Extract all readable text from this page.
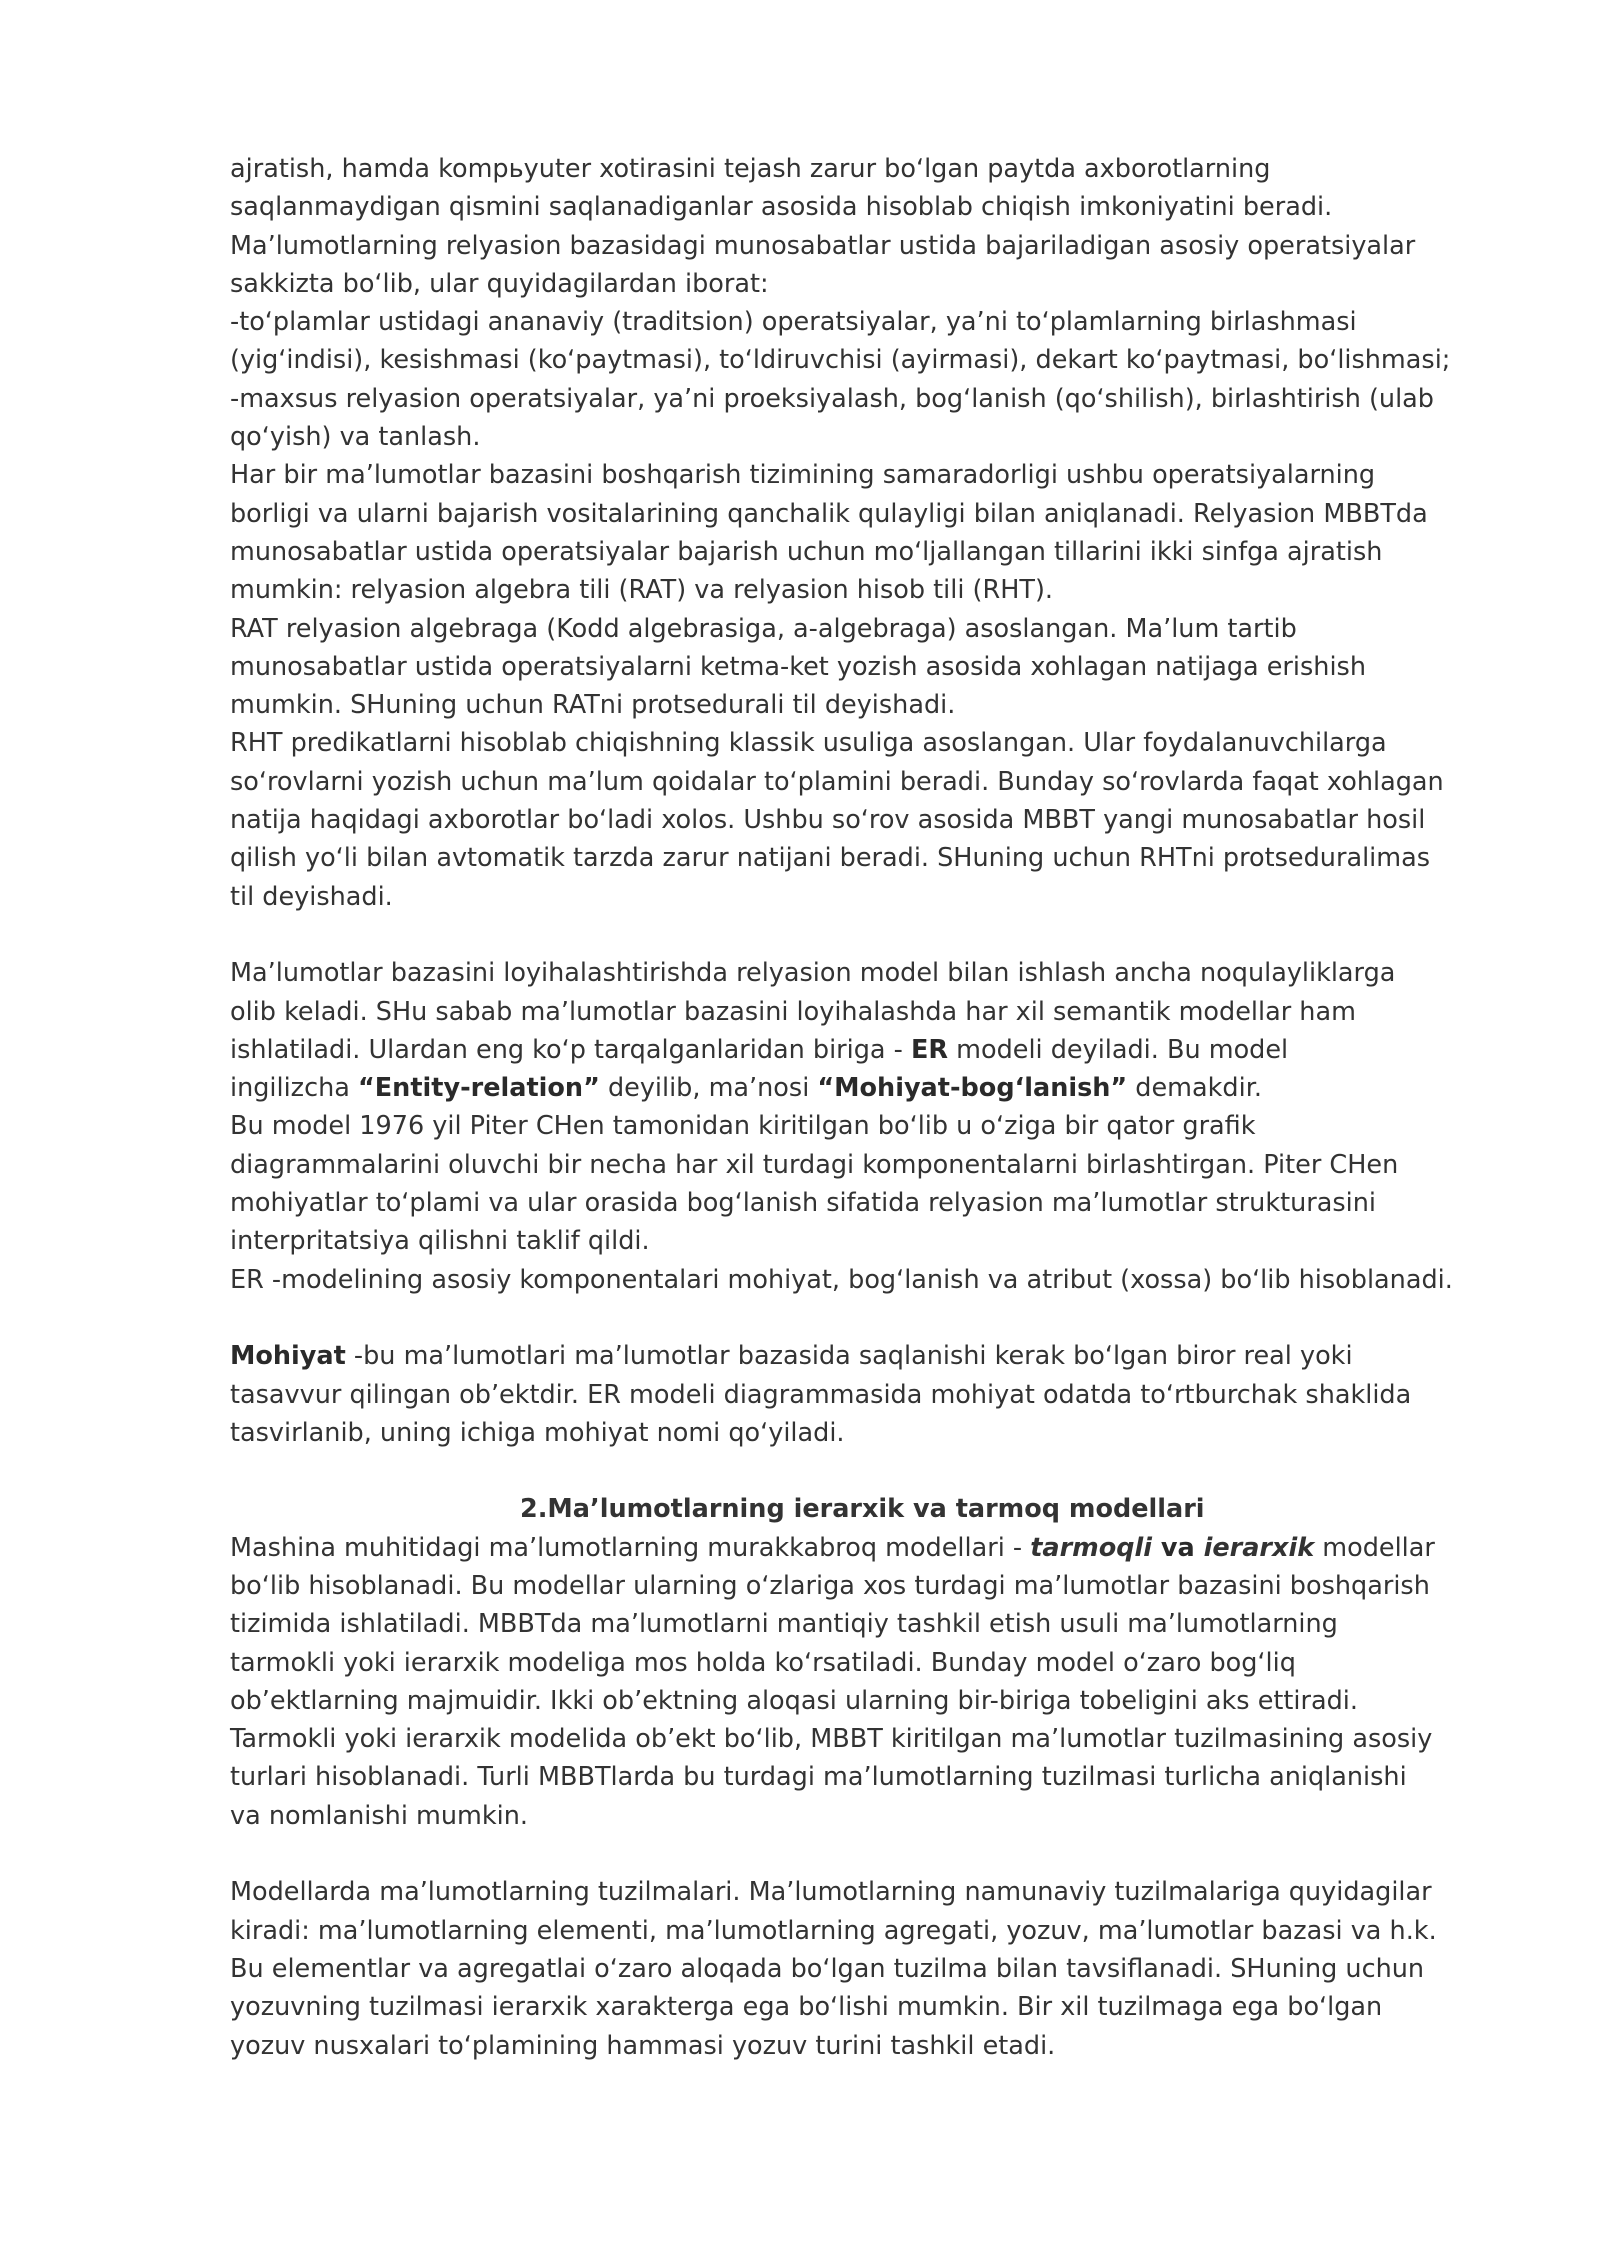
ajratish, hamda kompьyuter xotirasini tejash zarur boʻlgan paytda axborotlarning

saqlanmaydigan qismini saqlanadiganlar asosida hisoblab chiqish imkoniyatini beradi.

Maʼlumotlarning relyasion bazasidagi munosabatlar ustida bajariladigan asosiy operatsiyalar

sakkizta boʻlib, ular quyidagilardan iborat:

-toʻplamlar ustidagi ananaviy (traditsion) operatsiyalar, yaʼni toʻplamlarning birlashmasi

(yigʻindisi), kesishmasi (koʻpaytmasi), toʻldiruvchisi (ayirmasi), dekart koʻpaytmasi, boʻlishmasi;

-maxsus relyasion operatsiyalar, yaʼni proeksiyalash, bogʻlanish (qoʻshilish), birlashtirish (ulab

qoʻyish) va tanlash.

Har bir maʼlumotlar bazasini boshqarish tizimining samaradorligi ushbu operatsiyalarning

borligi va ularni bajarish vositalarining qanchalik qulayligi bilan aniqlanadi. Relyasion MBBTda

munosabatlar ustida operatsiyalar bajarish uchun moʻljallangan tillarini ikki sinfga ajratish

mumkin: relyasion algebra tili (RAT) va relyasion hisob tili (RHT).

RAT relyasion algebraga (Kodd algebrasiga, a-algebraga) asoslangan. Maʼlum tartib

munosabatlar ustida operatsiyalarni ketma-ket yozish asosida xohlagan natijaga erishish

mumkin. SHuning uchun RATni protsedurali til deyishadi.

RHT predikatlarni hisoblab chiqishning klassik usuliga asoslangan. Ular foydalanuvchilarga

soʻrovlarni yozish uchun maʼlum qoidalar toʻplamini beradi. Bunday soʻrovlarda faqat xohlagan

natija haqidagi axborotlar boʻladi xolos. Ushbu soʻrov asosida MBBT yangi munosabatlar hosil

qilish yoʻli bilan avtomatik tarzda zarur natijani beradi. SHuning uchun RHTni protseduralimas

til deyishadi.

Maʼlumotlar bazasini loyihalashtirishda relyasion model bilan ishlash ancha noqulayliklarga

olib keladi. SHu sabab maʼlumotlar bazasini loyihalashda har xil semantik modellar ham

ishlatiladi. Ulardan eng koʻp tarqalganlaridan biriga - ER modeli deyiladi. Bu model

ingilizcha “Entity-relation” deyilib, maʼnosi “Mohiyat-bogʻlanish” demakdir.

Bu model 1976 yil Piter CHen tamonidan kiritilgan boʻlib u oʻziga bir qator grafik

diagrammalarini oluvchi bir necha har xil turdagi komponentalarni birlashtirgan. Piter CHen

mohiyatlar toʻplami va ular orasida bogʻlanish sifatida relyasion maʼlumotlar strukturasini

interpritatsiya qilishni taklif qildi.

ER -modelining asosiy komponentalari mohiyat, bogʻlanish va atribut (xossa) boʻlib hisoblanadi.

Mohiyat -bu maʼlumotlari maʼlumotlar bazasida saqlanishi kerak boʻlgan biror real yoki

tasavvur qilingan obʼektdir. ER modeli diagrammasida mohiyat odatda toʻrtburchak shaklida

tasvirlanib, uning ichiga mohiyat nomi qoʻyiladi.

2.Maʼlumotlarning ierarxik va tarmoq modellari

Mashina muhitidagi maʼlumotlarning murakkabroq modellari - tarmoqli va ierarxik modellar

boʻlib hisoblanadi. Bu modellar ularning oʻzlariga xos turdagi maʼlumotlar bazasini boshqarish

tizimida ishlatiladi. MBBTda maʼlumotlarni mantiqiy tashkil etish usuli maʼlumotlarning

tarmokli yoki ierarxik modeliga mos holda koʻrsatiladi. Bunday model oʻzaro bogʻliq

obʼektlarning majmuidir. Ikki obʼektning aloqasi ularning bir-biriga tobeligini aks ettiradi.

Tarmokli yoki ierarxik modelida obʼekt boʻlib, MBBT kiritilgan maʼlumotlar tuzilmasining asosiy

turlari hisoblanadi. Turli MBBTlarda bu turdagi maʼlumotlarning tuzilmasi turlicha aniqlanishi

va nomlanishi mumkin.

Modellarda maʼlumotlarning tuzilmalari. Maʼlumotlarning namunaviy tuzilmalariga quyidagilar

kiradi: maʼlumotlarning elementi, maʼlumotlarning agregati, yozuv, maʼlumotlar bazasi va h.k.

Bu elementlar va agregatlai oʻzaro aloqada boʻlgan tuzilma bilan tavsiflanadi. SHuning uchun

yozuvning tuzilmasi ierarxik xarakterga ega boʻlishi mumkin. Bir xil tuzilmaga ega boʻlgan

yozuv nusxalari toʻplamining hammasi yozuv turini tashkil etadi.
